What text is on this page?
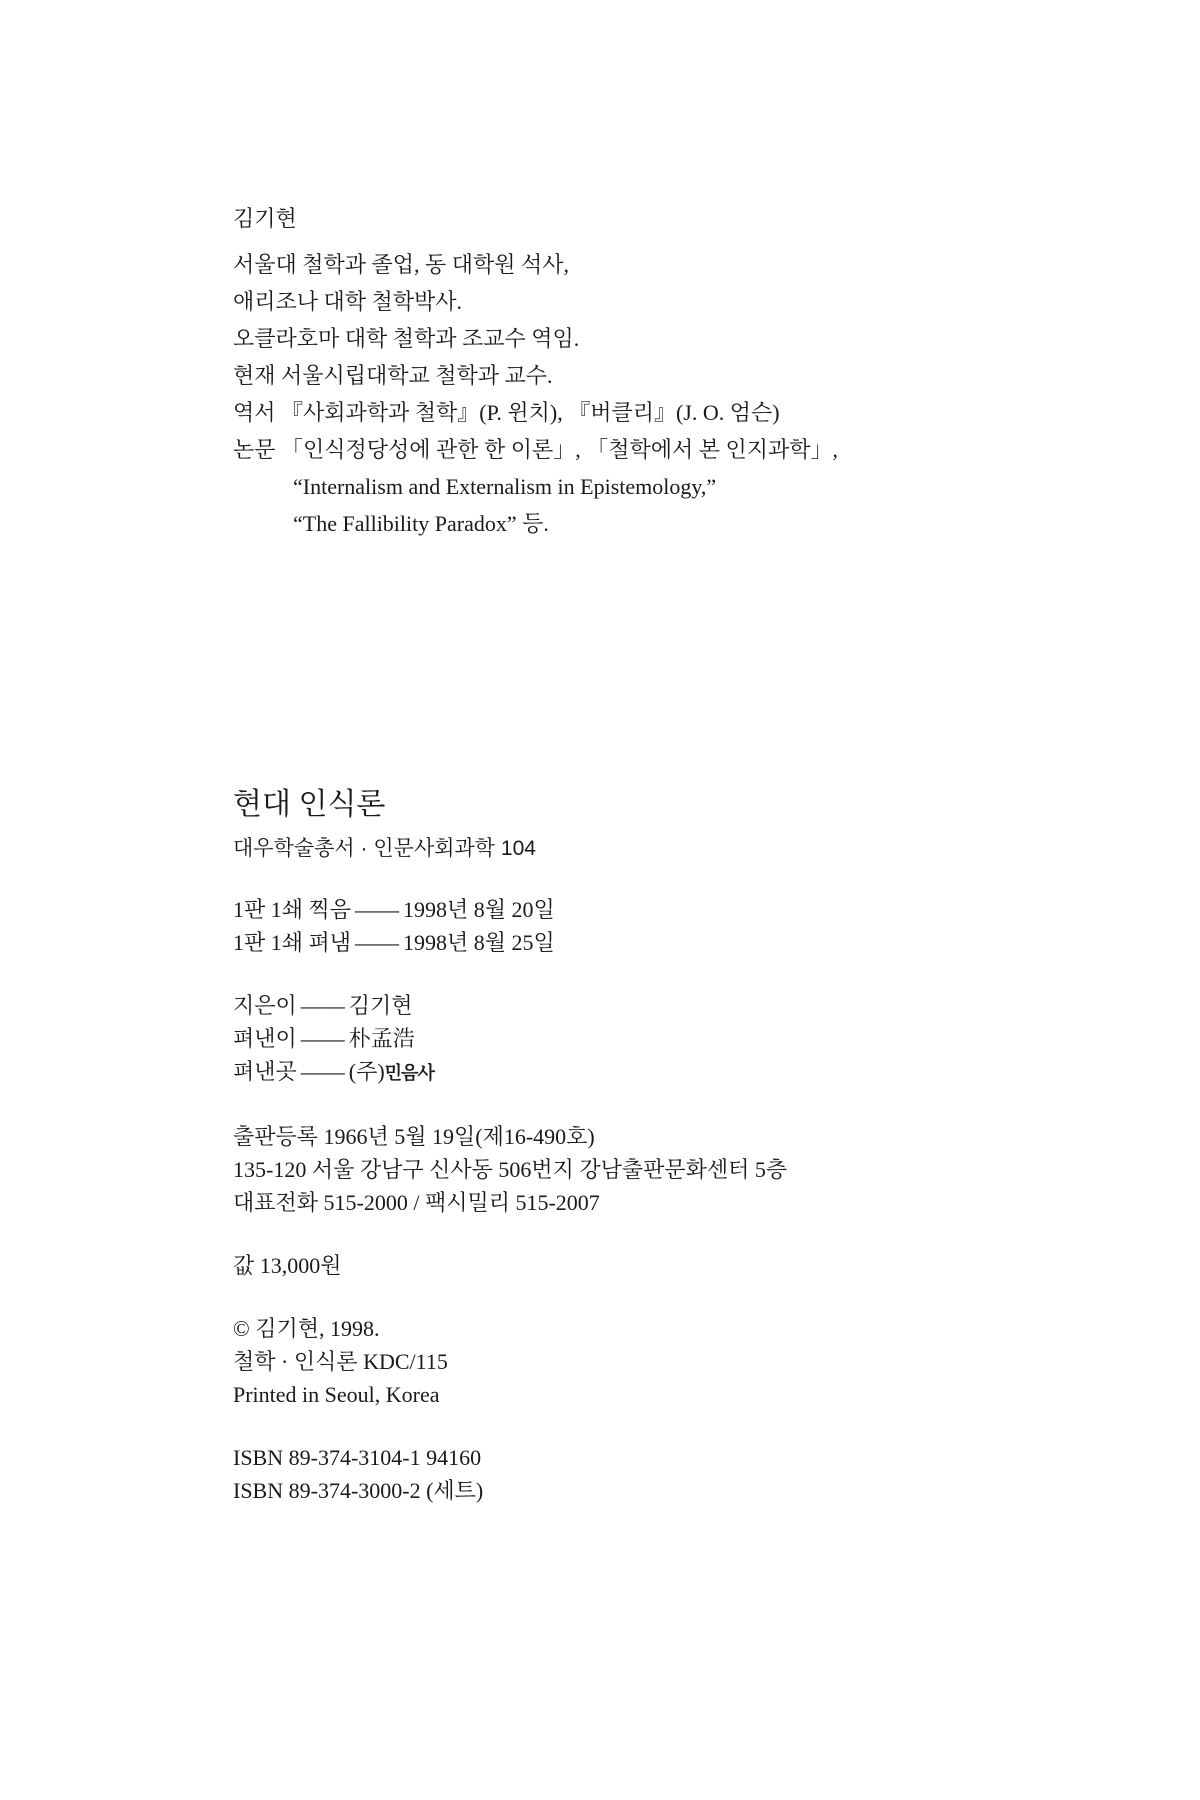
김기현
서울대 철학과 졸업, 동 대학원 석사,
애리조나 대학 철학박사.
오클라호마 대학 철학과 조교수 역임.
현재 서울시립대학교 철학과 교수.
역서 『사회과학과 철학』(P. 윈치), 『버클리』(J. O. 엄슨)
논문 「인식정당성에 관한 한 이론」, 「철학에서 본 인지과학」,
“Internalism and Externalism in Epistemology,”
“The Fallibility Paradox” 등.
현대 인식론
대우학술총서 · 인문사회과학 104
1판 1쇄 찍음 —— 1998년 8월 20일
1판 1쇄 펴냄 —— 1998년 8월 25일
지은이 —— 김기현
펴낸이 —— 朴孟浩
펴낸곳 —— (주)민음사
출판등록 1966년 5월 19일(제16-490호)
135-120 서울 강남구 신사동 506번지 강남출판문화센터 5층
대표전화 515-2000 / 팩시밀리 515-2007
값 13,000원
© 김기현, 1998.
철학 · 인식론 KDC/115
Printed in Seoul, Korea
ISBN 89-374-3104-1 94160
ISBN 89-374-3000-2 (세트)
